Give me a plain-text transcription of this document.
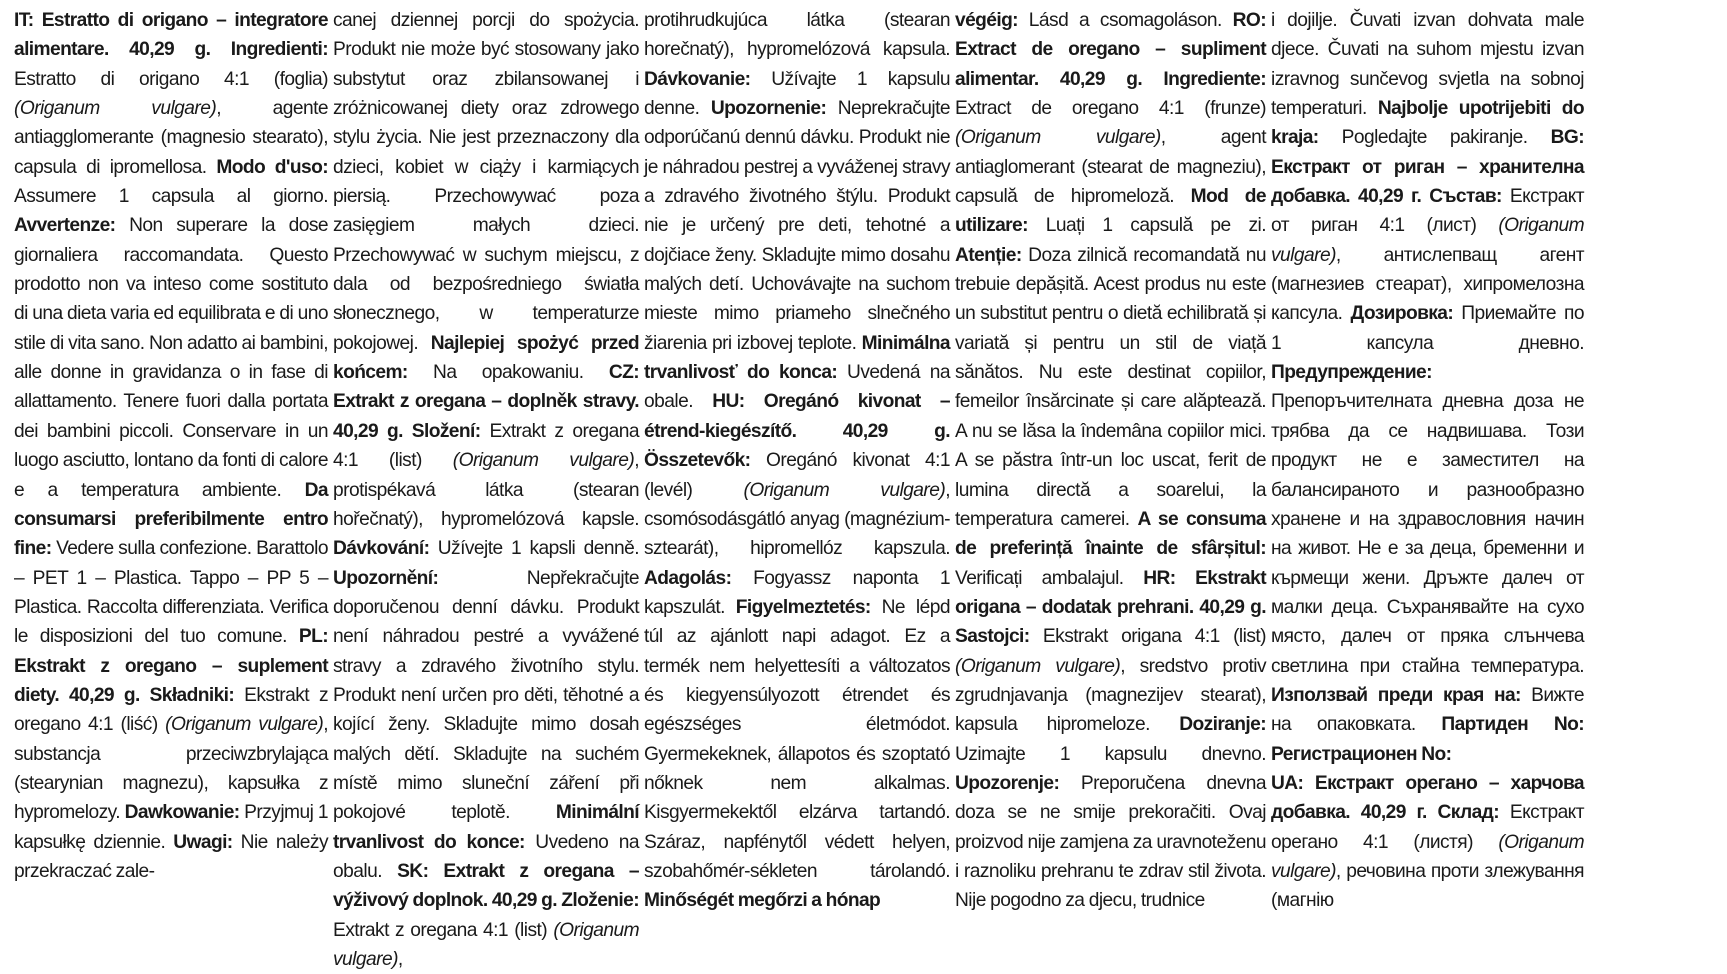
IT: Estratto di origano – integratore alimentare. 40,29 g. Ingredienti: Estratto di origano 4:1 (foglia) (Origanum vulgare), agente antiagglomerante (magnesio stearato), capsula di ipromellosa. Modo d'uso: Assumere 1 capsula al giorno. Avvertenze: Non superare la dose giornaliera raccomandata. Questo prodotto non va inteso come sostituto di una dieta varia ed equilibrata e di uno stile di vita sano. Non adatto ai bambini, alle donne in gravidanza o in fase di allattamento. Tenere fuori dalla portata dei bambini piccoli. Conservare in un luogo asciutto, lontano da fonti di calore e a temperatura ambiente. Da consumarsi preferibilmente entro fine: Vedere sulla confezione. Barattolo – PET 1 – Plastica. Tappo – PP 5 – Plastica. Raccolta differenziata. Verifica le disposizioni del tuo comune. PL: Ekstrakt z oregano – suplement diety. 40,29 g. Składniki: Ekstrakt z oregano 4:1 (liść) (Origanum vulgare), substancja przeciwzbrylająca (stearynian magnezu), kapsułka z hypromelozy. Dawkowanie: Przyjmuj 1 kapsułkę dziennie. Uwagi: Nie należy przekraczać zale-
canej dziennej porcji do spożycia. Produkt nie może być stosowany jako substytut oraz zbilansowanej i zróżnicowanej diety oraz zdrowego stylu życia. Nie jest przeznaczony dla dzieci, kobiet w ciąży i karmiących piersią. Przechowywać poza zasięgiem małych dzieci. Przechowywać w suchym miejscu, z dala od bezpośredniego światła słonecznego, w temperaturze pokojowej. Najlepiej spożyć przed końcem: Na opakowaniu. CZ: Extrakt z oregana – doplněk stravy. 40,29 g. Složení: Extrakt z oregana 4:1 (list) (Origanum vulgare), protispékavá látka (stearan hořečnatý), hypromelózová kapsle. Dávkování: Užívejte 1 kapsli denně. Upozornění: Nepřekračujte doporučenou denní dávku. Produkt není náhradou pestré a vyvážené stravy a zdravého životního stylu. Produkt není určen pro děti, těhotné a kojící ženy. Skladujte mimo dosah malých dětí. Skladujte na suchém místě mimo sluneční záření při pokojové teplotě. Minimální trvanlivost do konce: Uvedeno na obalu. SK: Extrakt z oregana – výživový doplnok. 40,29 g. Zloženie: Extrakt z oregana 4:1 (list) (Origanum vulgare),
protihrudkujúca látka (stearan horečnatý), hypromelózová kapsula. Dávkovanie: Užívajte 1 kapsulu denne. Upozornenie: Neprekračujte odporúčanú dennú dávku. Produkt nie je náhradou pestrej a vyváženej stravy a zdravého životného štýlu. Produkt nie je určený pre deti, tehotné a dojčiace ženy. Skladujte mimo dosahu malých detí. Uchovávajte na suchom mieste mimo priameho slnečného žiarenia pri izbovej teplote. Minimálna trvanlivosť do konca: Uvedená na obale. HU: Oregánó kivonat – étrend-kiegészítő. 40,29 g. Összetevők: Oregánó kivonat 4:1 (levél) (Origanum vulgare), csomósodásgátló anyag (magnézium-sztearát), hipromellóz kapszula. Adagolás: Fogyassz naponta 1 kapszulát. Figyelmeztetés: Ne lépd túl az ajánlott napi adagot. Ez a termék nem helyettesíti a változatos és kiegyensúlyozott étrendet és egészséges életmódot. Gyermekeknek, állapotos és szoptató nőknek nem alkalmas. Kisgyermekektől elzárva tartandó. Száraz, napfénytől védett helyen, szobahőmér-sékleten tárolandó. Minőségét megőrzi a hónap
végéig: Lásd a csomagoláson. RO: Extract de oregano – supliment alimentar. 40,29 g. Ingrediente: Extract de oregano 4:1 (frunze) (Origanum vulgare), agent antiaglomerant (stearat de magneziu), capsulă de hipromeloză. Mod de utilizare: Luați 1 capsulă pe zi. Atenție: Doza zilnică recomandată nu trebuie depășită. Acest produs nu este un substitut pentru o dietă echilibrată și variată și pentru un stil de viață sănătos. Nu este destinat copiilor, femeilor însărcinate și care alăptează. A nu se lăsa la îndemâna copiilor mici. A se păstra într-un loc uscat, ferit de lumina directă a soarelui, la temperatura camerei. A se consuma de preferință înainte de sfârșitul: Verificați ambalajul. HR: Ekstrakt origana – dodatak prehrani. 40,29 g. Sastojci: Ekstrakt origana 4:1 (list) (Origanum vulgare), sredstvo protiv zgrudnjavanja (magnezijev stearat), kapsula hipromeloze. Doziranje: Uzimajte 1 kapsulu dnevno. Upozorenje: Preporučena dnevna doza se ne smije prekoračiti. Ovaj proizvod nije zamjena za uravnoteženu i raznoliku prehranu te zdrav stil života. Nije pogodno za djecu, trudnice
i dojilje. Čuvati izvan dohvata male djece. Čuvati na suhom mjestu izvan izravnog sunčevog svjetla na sobnoj temperaturi. Najbolje upotrijebiti do kraja: Pogledajte pakiranje. BG: Екстракт от риган – хранителна добавка. 40,29 г. Състав: Екстракт от риган 4:1 (лист) (Origanum vulgare), антислепващ агент (магнезиев стеарат), хипромелозна капсула. Дозировка: Приемайте по 1 капсула дневно. Предупреждение: Препоръчителната дневна доза не трябва да се надвишава. Този продукт не е заместител на балансираното и разнообразно хранене и на здравословния начин на живот. Не е за деца, бременни и кърмещи жени. Дръжте далеч от малки деца. Съхранявайте на сухо място, далеч от пряка слънчева светлина при стайна температура. Използвай преди края на: Вижте на опаковката. Партиден No: Регистрационен No:
UA: Екстракт орегано – харчова добавка. 40,29 г. Склад: Екстракт орегано 4:1 (листя) (Origanum vulgare), речовина проти злежування (магнію
